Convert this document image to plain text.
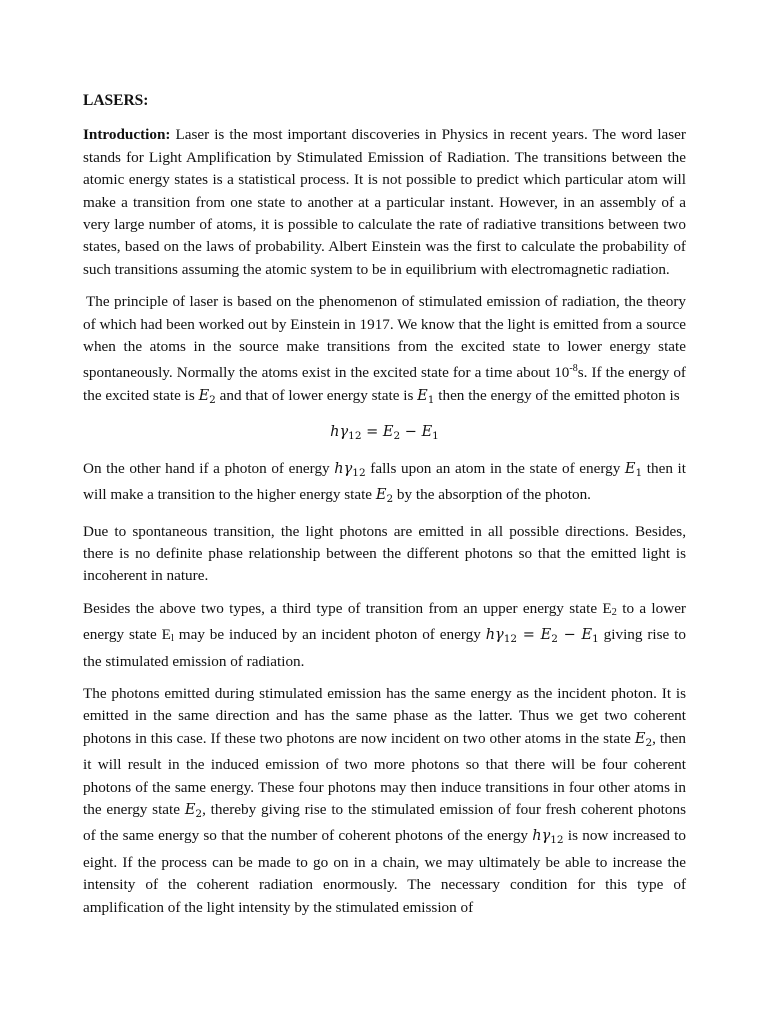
LASERS:

Introduction: Laser is the most important discoveries in Physics in recent years. The word laser stands for Light Amplification by Stimulated Emission of Radiation. The transitions between the atomic energy states is a statistical process. It is not possible to predict which particular atom will make a transition from one state to another at a particular instant. However, in an assembly of a very large number of atoms, it is possible to calculate the rate of radiative transitions between two states, based on the laws of probability. Albert Einstein was the first to calculate the probability of such transitions assuming the atomic system to be in equilibrium with electromagnetic radiation.

The principle of laser is based on the phenomenon of stimulated emission of radiation, the theory of which had been worked out by Einstein in 1917. We know that the light is emitted from a source when the atoms in the source make transitions from the excited state to lower energy state spontaneously. Normally the atoms exist in the excited state for a time about $10^{-8}s$. If the energy of the excited state is $E_2$ and that of lower energy state is $E_1$ then the energy of the emitted photon is

$h\gamma_{12} = E_2 - E_1$

On the other hand if a photon of energy $h\gamma_{12}$ falls upon an atom in the state of energy $E_1$ then it will make a transition to the higher energy state $E_2$ by the absorption of the photon.

Due to spontaneous transition, the light photons are emitted in all possible directions. Besides, there is no definite phase relationship between the different photons so that the emitted light is incoherent in nature.

Besides the above two types, a third type of transition from an upper energy state E2 to a lower energy state El may be induced by an incident photon of energy $h\gamma_{12} = E_2 - E_1$ giving rise to the stimulated emission of radiation.

The photons emitted during stimulated emission has the same energy as the incident photon. It is emitted in the same direction and has the same phase as the latter. Thus we get two coherent photons in this case. If these two photons are now incident on two other atoms in the state $E_2$, then it will result in the induced emission of two more photons so that there will be four coherent photons of the same energy. These four photons may then induce transitions in four other atoms in the energy state $E_2$, thereby giving rise to the stimulated emission of four fresh coherent photons of the same energy so that the number of coherent photons of the energy $h\gamma_{12}$ is now increased to eight. If the process can be made to go on in a chain, we may ultimately be able to increase the intensity of the coherent radiation enormously. The necessary condition for this type of amplification of the light intensity by the stimulated emission of
